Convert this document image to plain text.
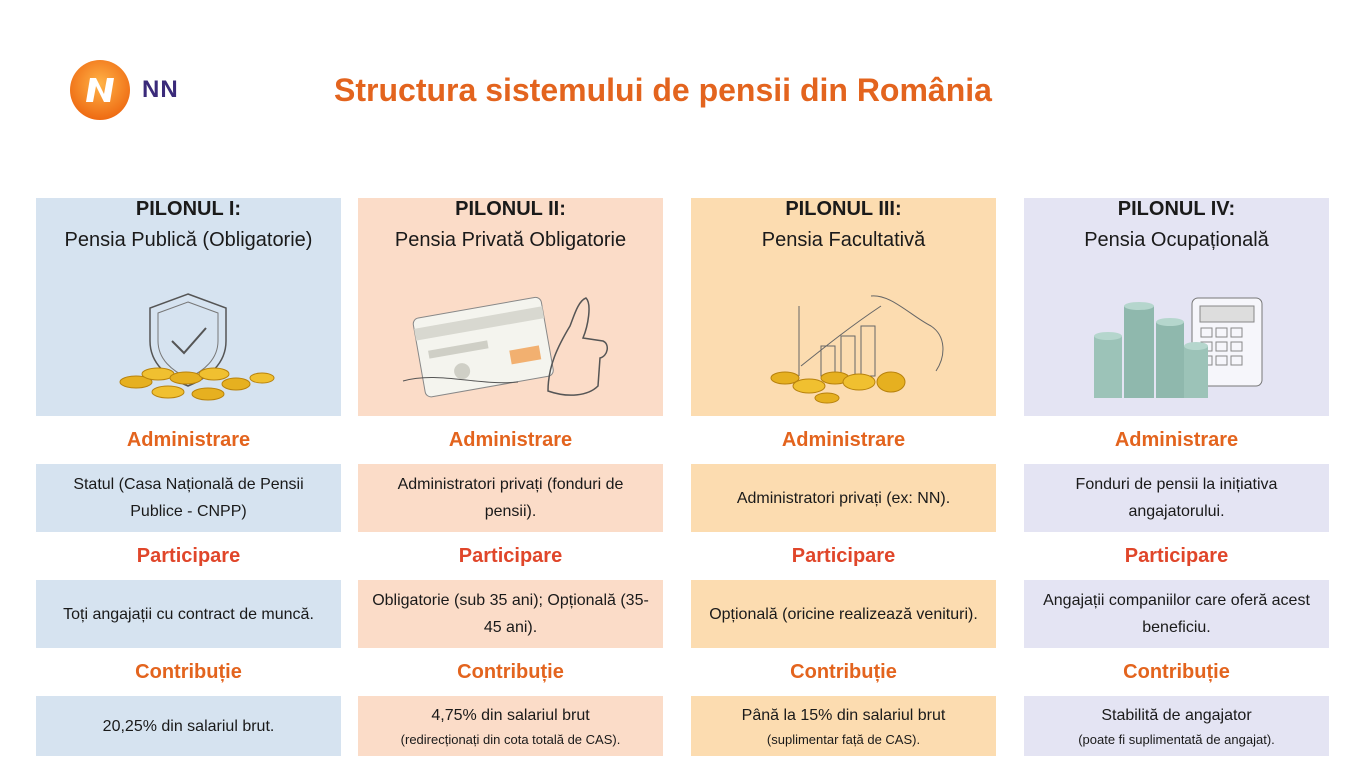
NN	Structura sistemului de pensii din România
PILONUL I:
Pensia Publică (Obligatorie)
Administrare
Statul (Casa Națională de Pensii Publice - CNPP)
Participare
Toți angajații cu contract de muncă.
Contribuție
20,25% din salariul brut.
PILONUL II:
Pensia Privată Obligatorie
Administrare
Administratori privați (fonduri de pensii).
Participare
Obligatorie (sub 35 ani); Opțională (35-45 ani).
Contribuție
4,75% din salariul brut
(redirecționați din cota totală de CAS).
PILONUL III:
Pensia Facultativă
Administrare
Administratori privați (ex: NN).
Participare
Opțională (oricine realizează venituri).
Contribuție
Până la 15% din salariul brut
(suplimentar față de CAS).
PILONUL IV:
Pensia Ocupațională
Administrare
Fonduri de pensii la inițiativa angajatorului.
Participare
Angajații companiilor care oferă acest beneficiu.
Contribuție
Stabilită de angajator
(poate fi suplimentată de angajat).
